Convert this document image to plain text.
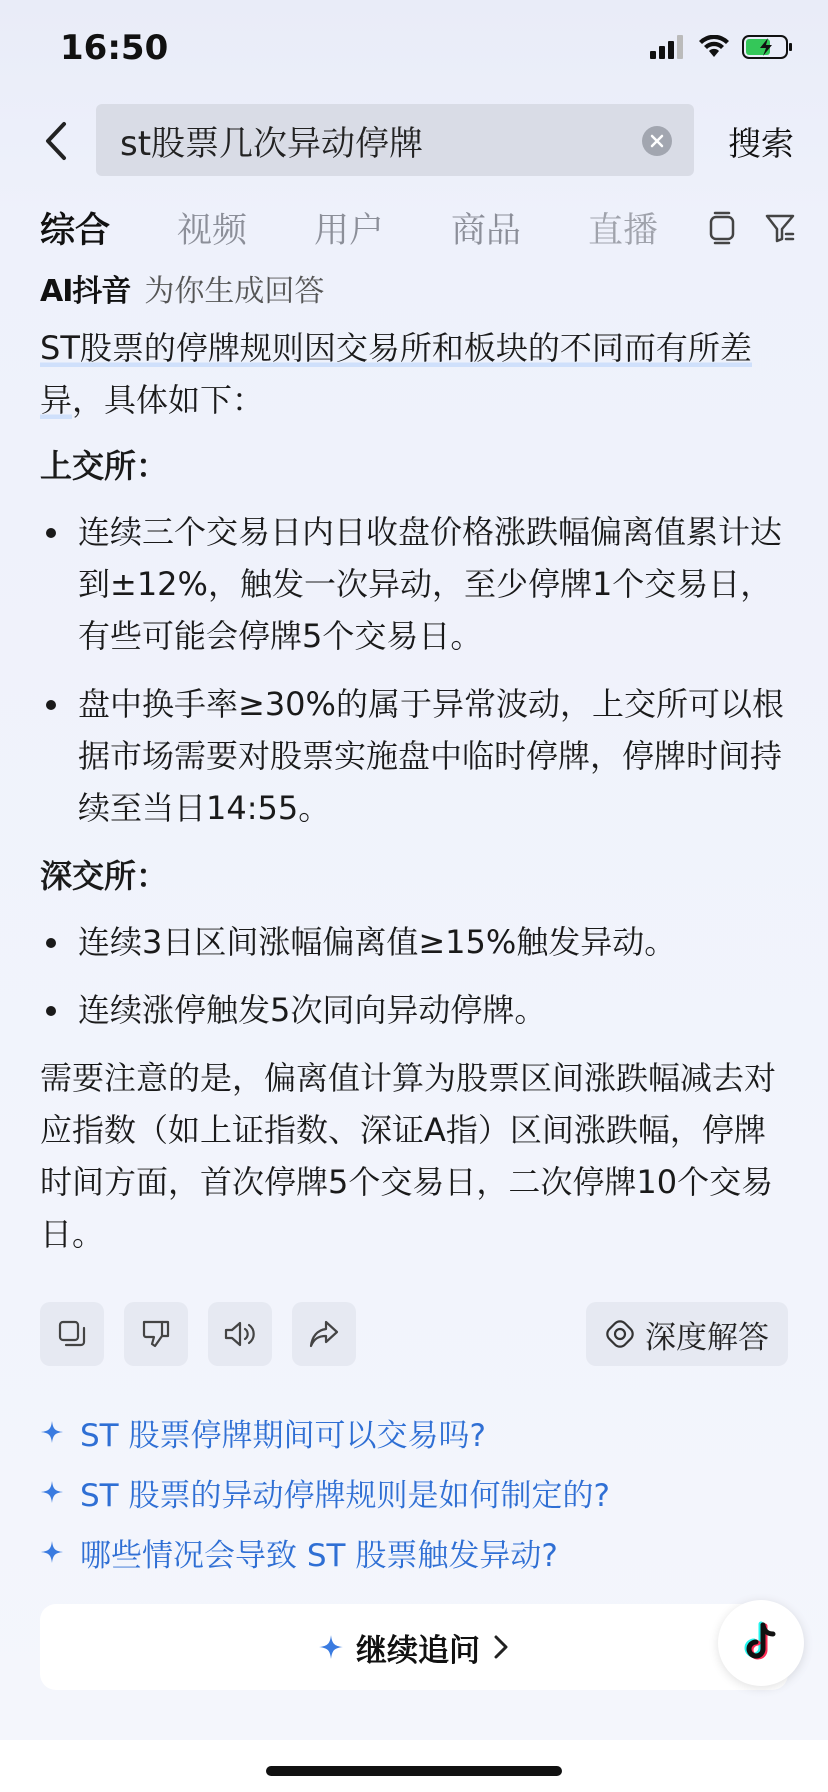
16:50
st股票几次异动停牌	搜索
综合	视频	用户	商品	直播
AI抖音 为你生成回答
ST股票的停牌规则因交易所和板块的不同而有所差异，具体如下：
上交所：
连续三个交易日内日收盘价格涨跌幅偏离值累计达到±12%，触发一次异动，至少停牌1个交易日，有些可能会停牌5个交易日。
盘中换手率≥30%的属于异常波动，上交所可以根据市场需要对股票实施盘中临时停牌，停牌时间持续至当日14:55。
深交所：
连续3日区间涨幅偏离值≥15%触发异动。
连续涨停触发5次同向异动停牌。
需要注意的是，偏离值计算为股票区间涨跌幅减去对应指数（如上证指数、深证A指）区间涨跌幅，停牌时间方面，首次停牌5个交易日，二次停牌10个交易日。
深度解答
ST 股票停牌期间可以交易吗?
ST 股票的异动停牌规则是如何制定的?
哪些情况会导致 ST 股票触发异动?
继续追问
